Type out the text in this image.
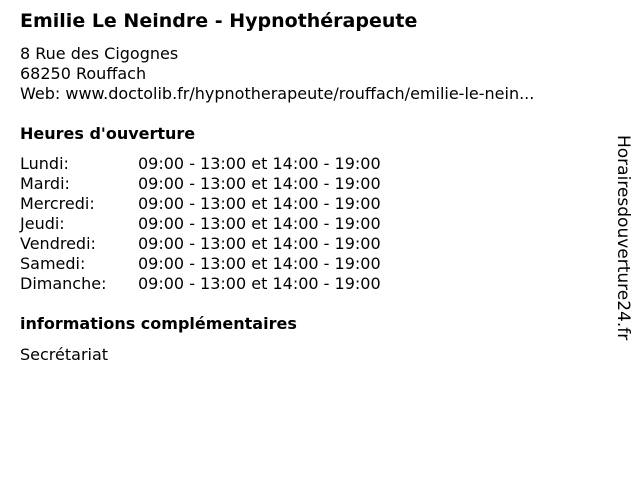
Emilie Le Neindre - Hypnothérapeute
8 Rue des Cigognes
68250 Rouffach
Web: www.doctolib.fr/hypnotherapeute/rouffach/emilie-le-nein...
Heures d'ouverture
Lundi:	09:00 - 13:00 et 14:00 - 19:00
Mardi:	09:00 - 13:00 et 14:00 - 19:00
Mercredi:	09:00 - 13:00 et 14:00 - 19:00
Jeudi:	09:00 - 13:00 et 14:00 - 19:00
Vendredi:	09:00 - 13:00 et 14:00 - 19:00
Samedi:	09:00 - 13:00 et 14:00 - 19:00
Dimanche:	09:00 - 13:00 et 14:00 - 19:00
informations complémentaires
Secrétariat
Horairesdouverture24.fr
